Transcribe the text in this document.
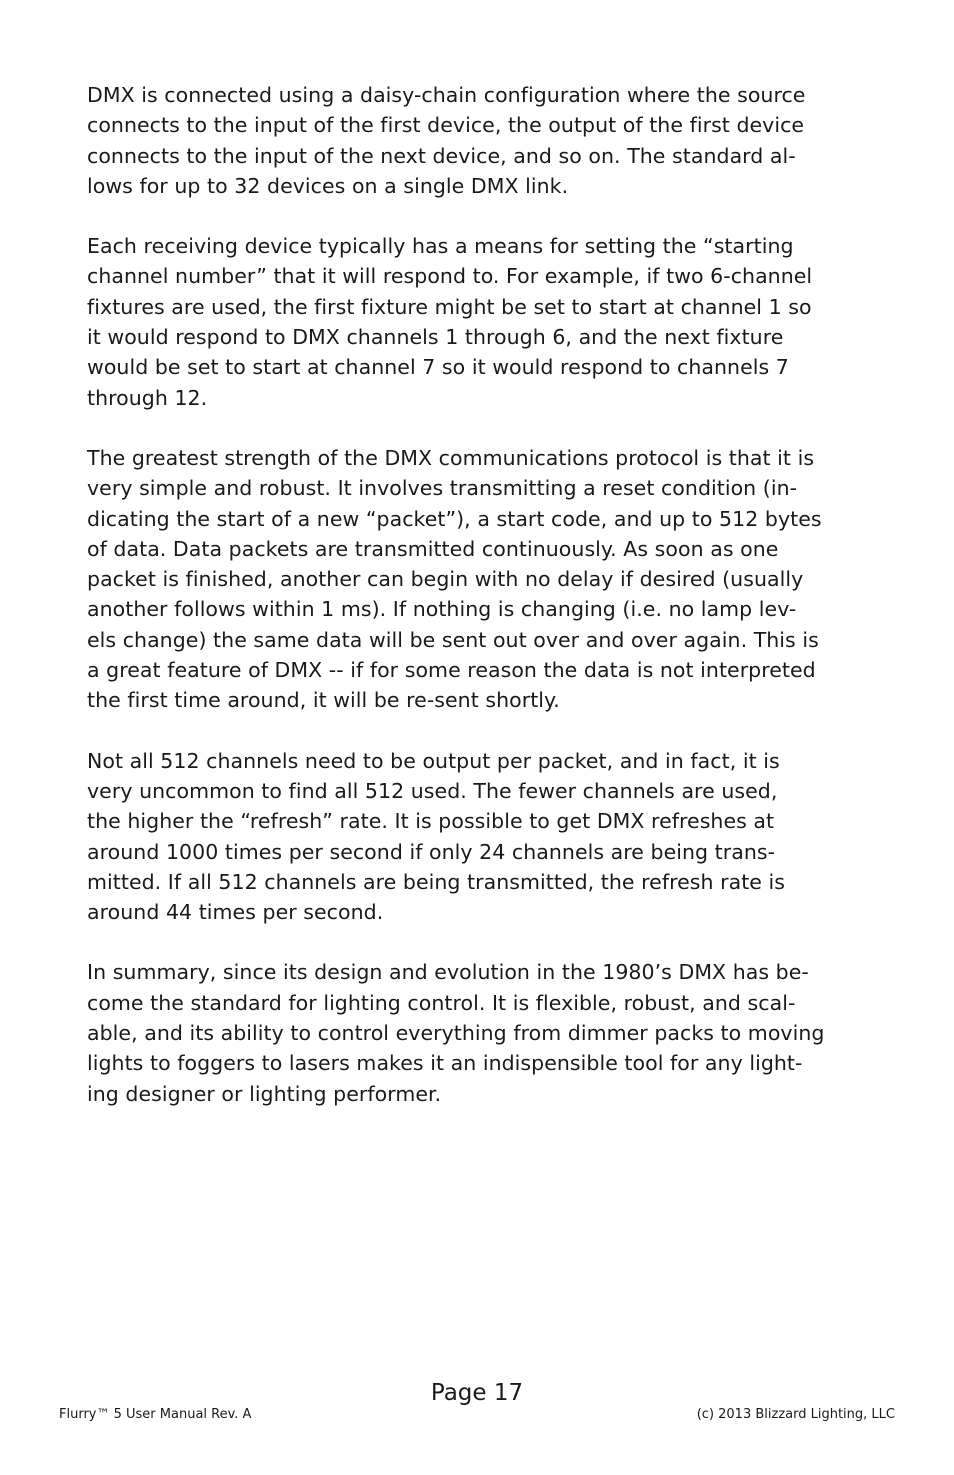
DMX is connected using a daisy-chain configuration where the source
connects to the input of the first device, the output of the first device
connects to the input of the next device, and so on. The standard al-
lows for up to 32 devices on a single DMX link.

Each receiving device typically has a means for setting the “starting
channel number” that it will respond to. For example, if two 6-channel
fixtures are used, the first fixture might be set to start at channel 1 so
it would respond to DMX channels 1 through 6, and the next fixture
would be set to start at channel 7 so it would respond to channels 7
through 12.

The greatest strength of the DMX communications protocol is that it is
very simple and robust. It involves transmitting a reset condition (in-
dicating the start of a new “packet”), a start code, and up to 512 bytes
of data. Data packets are transmitted continuously. As soon as one
packet is finished, another can begin with no delay if desired (usually
another follows within 1 ms). If nothing is changing (i.e. no lamp lev-
els change) the same data will be sent out over and over again. This is
a great feature of DMX -- if for some reason the data is not interpreted
the first time around, it will be re-sent shortly.

Not all 512 channels need to be output per packet, and in fact, it is
very uncommon to find all 512 used. The fewer channels are used,
the higher the “refresh” rate. It is possible to get DMX refreshes at
around 1000 times per second if only 24 channels are being trans-
mitted. If all 512 channels are being transmitted, the refresh rate is
around 44 times per second.

In summary, since its design and evolution in the 1980’s DMX has be-
come the standard for lighting control. It is flexible, robust, and scal-
able, and its ability to control everything from dimmer packs to moving
lights to foggers to lasers makes it an indispensible tool for any light-
ing designer or lighting performer.

Page 17
Flurry™ 5 User Manual Rev. A	(c) 2013 Blizzard Lighting, LLC
